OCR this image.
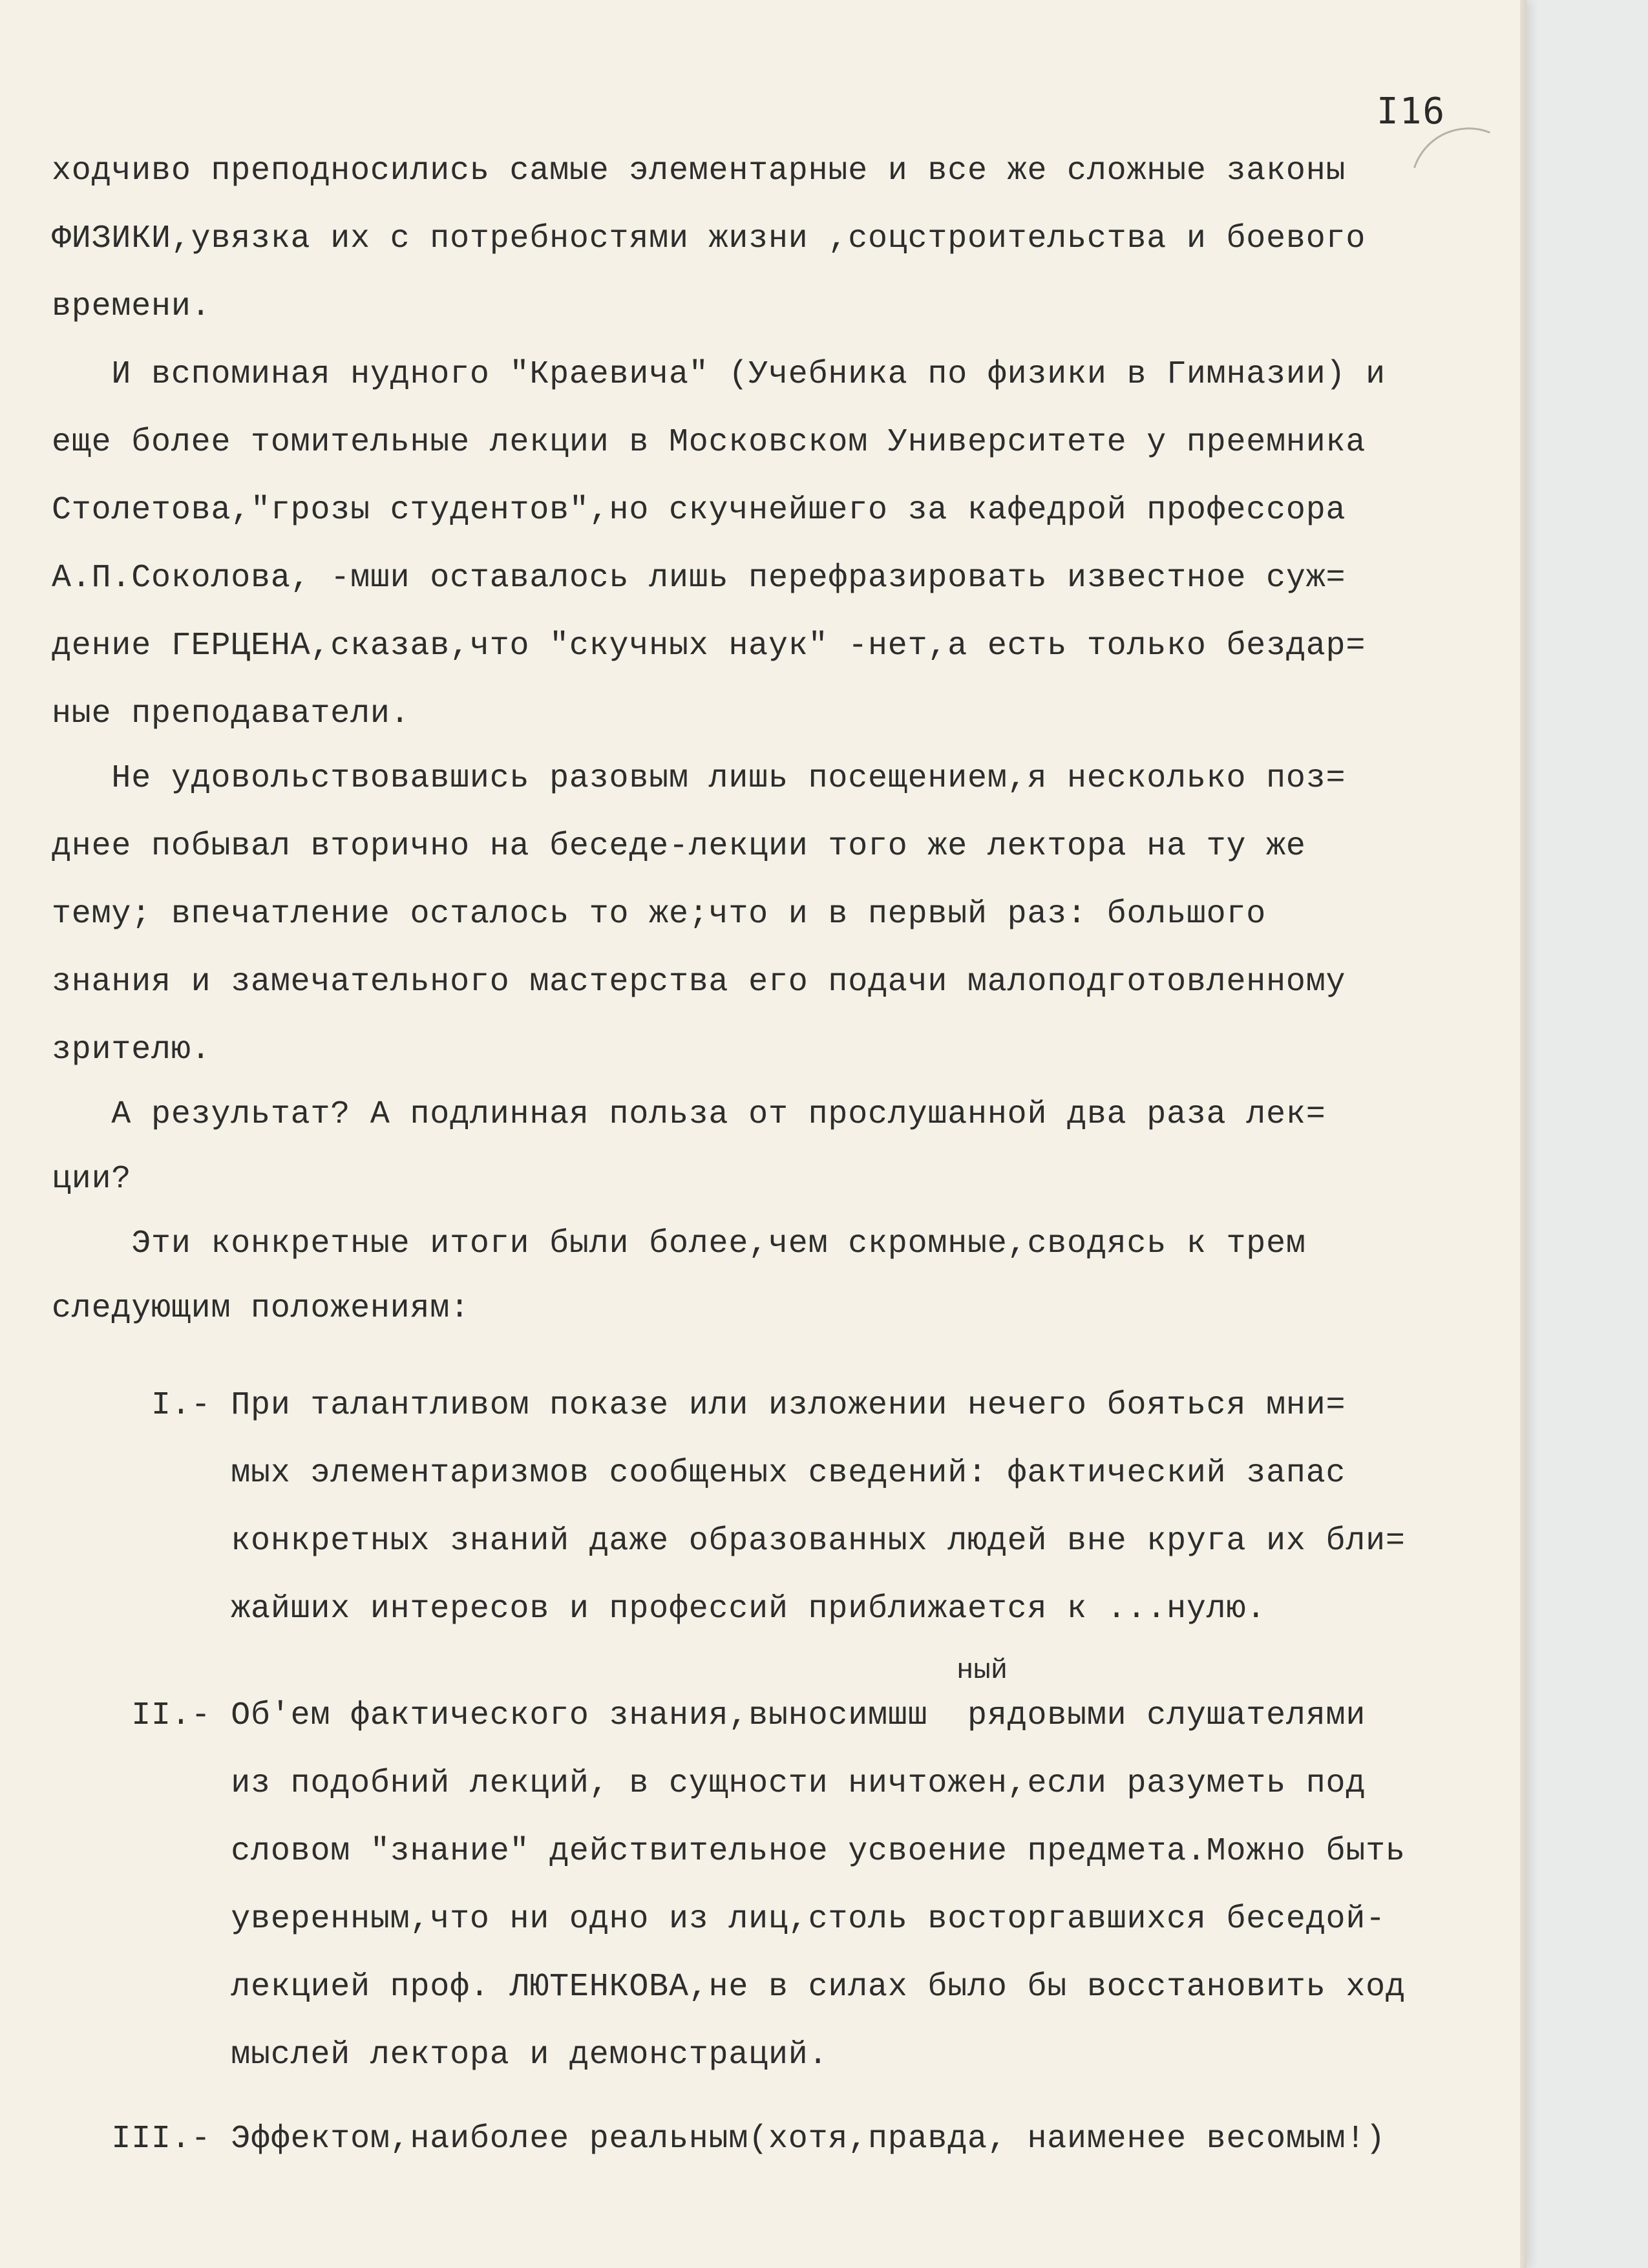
I16
ходчиво преподносились самые элементарные и все же сложные законы
ФИЗИКИ,увязка их с потребностями жизни ,соцстроительства и боевого
времени.
И вспоминая нудного "Краевича" (Учебника по физики в Гимназии) и
еще более томительные лекции в Московском Университете у преемника
Столетова,"грозы студентов",но скучнейшего за кафедрой профессора
А.П.Соколова, -мши оставалось лишь перефразировать известное суж=
дение ГЕРЦЕНА,сказав,что "скучных наук" -нет,а есть только бездар=
ные преподаватели.
Не удовольствовавшись разовым лишь посещением,я несколько поз=
днее побывал вторично на беседе-лекции того же лектора на ту же
тему; впечатление осталось то же;что и в первый раз: большого
знания и замечательного мастерства его подачи малоподготовленному
зрителю.
А результат? А подлинная польза от прослушанной два раза лек=
ции?
Эти конкретные итоги были более,чем скромные,сводясь к трем
следующим положениям:
I.- При талантливом показе или изложении нечего бояться мни=
мых элементаризмов сообщеных сведений: фактический запас
конкретных знаний даже образованных людей вне круга их бли=
жайших интересов и профессий приближается к ...нулю.
ный
II.- Об'ем фактического знания,выносимшш  рядовыми слушателями
из подобний лекций, в сущности ничтожен,если разуметь под
словом "знание" действительное усвоение предмета.Можно быть
уверенным,что ни одно из лиц,столь восторгавшихся беседой-
лекцией проф. ЛЮТЕНКОВА,не в силах было бы восстановить ход
мыслей лектора и демонстраций.
III.- Эффектом,наиболее реальным(хотя,правда, наименее весомым!)
